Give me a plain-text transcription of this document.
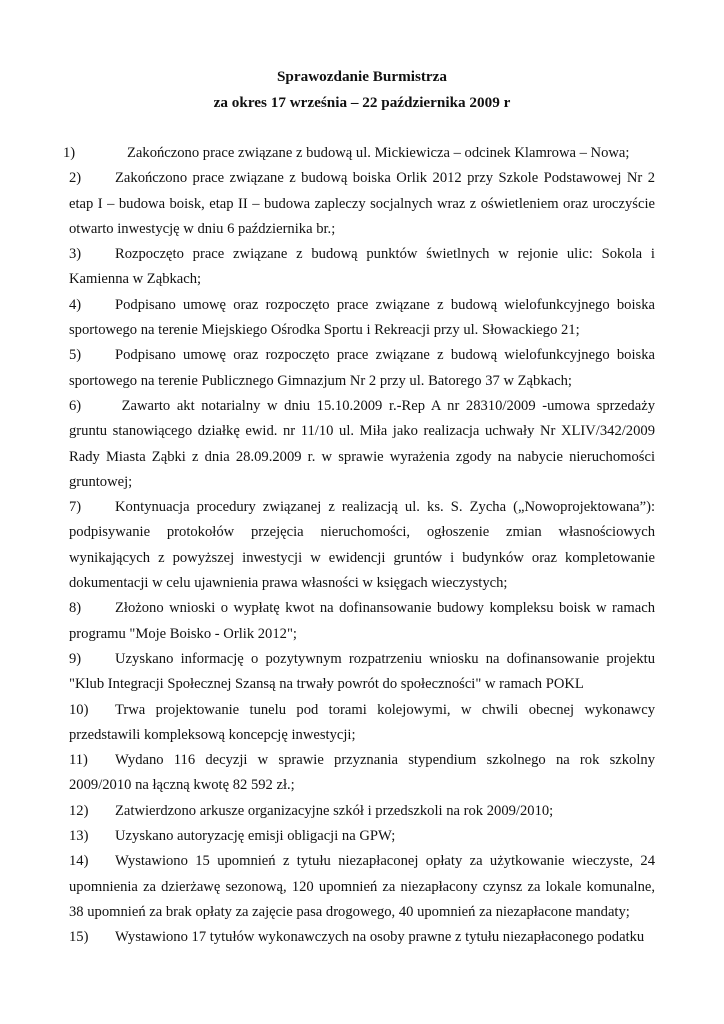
Sprawozdanie Burmistrza
za okres 17 września – 22 października 2009 r

1)	Zakończono prace związane z budową ul. Mickiewicza – odcinek Klamrowa – Nowa;

2) Zakończono prace związane z budową boiska Orlik 2012 przy Szkole Podstawowej Nr 2 etap I – budowa boisk, etap II – budowa zapleczy socjalnych wraz z oświetleniem oraz uroczyście otwarto inwestycję w dniu 6 października br.;

3) Rozpoczęto prace związane z budową punktów świetlnych w rejonie ulic: Sokola i Kamienna w Ząbkach;

4) Podpisano umowę oraz rozpoczęto prace związane z budową wielofunkcyjnego boiska sportowego na terenie Miejskiego Ośrodka Sportu i Rekreacji przy ul. Słowackiego 21;

5) Podpisano umowę oraz rozpoczęto prace związane z budową wielofunkcyjnego boiska sportowego na terenie Publicznego Gimnazjum Nr 2 przy ul. Batorego 37 w Ząbkach;

6) Zawarto akt notarialny w dniu 15.10.2009 r.-Rep A nr 28310/2009 -umowa sprzedaży gruntu stanowiącego działkę ewid. nr 11/10 ul. Miła jako realizacja uchwały Nr XLIV/342/2009 Rady Miasta Ząbki z dnia 28.09.2009 r. w sprawie wyrażenia zgody na nabycie nieruchomości gruntowej;

7) Kontynuacja procedury związanej z realizacją ul. ks. S. Zycha („Nowoprojektowana”): podpisywanie protokołów przejęcia nieruchomości, ogłoszenie zmian własnościowych wynikających z powyższej inwestycji w ewidencji gruntów i budynków oraz kompletowanie dokumentacji w celu ujawnienia prawa własności w księgach wieczystych;

8) Złożono wnioski o wypłatę kwot na dofinansowanie budowy kompleksu boisk w ramach programu "Moje Boisko - Orlik 2012";

9) Uzyskano informację o pozytywnym rozpatrzeniu wniosku na dofinansowanie projektu "Klub Integracji Społecznej Szansą na trwały powrót do społeczności" w ramach POKL

10) Trwa projektowanie tunelu pod torami kolejowymi, w chwili obecnej wykonawcy przedstawili kompleksową koncepcję inwestycji;

11) Wydano 116 decyzji w sprawie przyznania stypendium szkolnego na rok szkolny 2009/2010 na łączną kwotę 82 592 zł.;

12) Zatwierdzono arkusze organizacyjne szkół i przedszkoli na rok 2009/2010;

13) Uzyskano autoryzację emisji obligacji na GPW;

14) Wystawiono 15 upomnień z tytułu niezapłaconej opłaty za użytkowanie wieczyste, 24 upomnienia za dzierżawę sezonową, 120 upomnień za niezapłacony czynsz za lokale komunalne, 38 upomnień za brak opłaty za zajęcie pasa drogowego, 40 upomnień za niezapłacone mandaty;

15) Wystawiono 17 tytułów wykonawczych na osoby prawne z tytułu niezapłaconego podatku
